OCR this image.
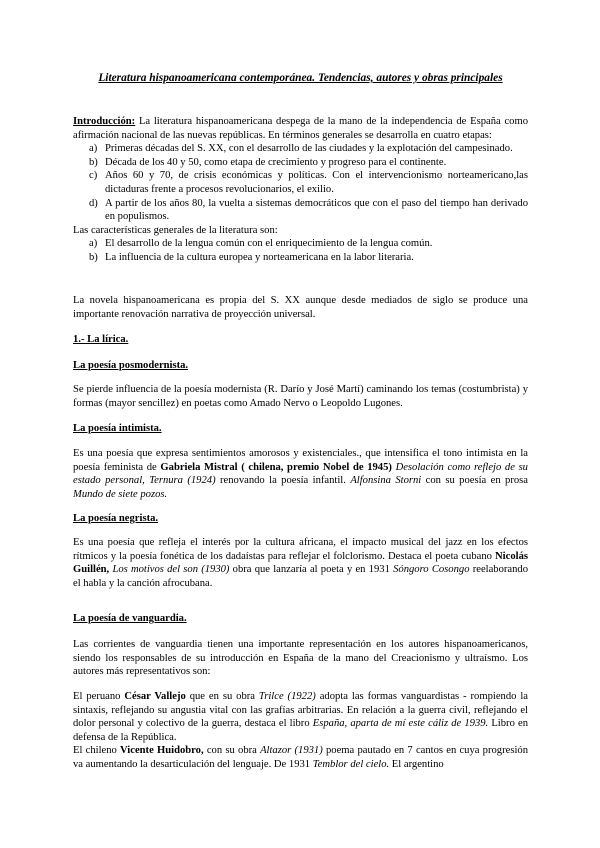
Literatura hispanoamericana contemporánea. Tendencias, autores y obras principales
Introducción: La literatura hispanoamericana despega de la mano de la independencia de España como afirmación nacional de las nuevas repúblicas. En términos generales se desarrolla en cuatro etapas:
a) Primeras décadas del S. XX, con el desarrollo de las ciudades y la explotación del campesinado.
b) Década de los 40 y 50, como etapa de crecimiento y progreso para el continente.
c) Años 60 y 70, de crisis económicas y políticas. Con el intervencionismo norteamericano,las dictaduras frente a procesos revolucionarios, el exilio.
d) A partir de los años 80, la vuelta a sistemas democráticos que con el paso del tiempo han derivado en populismos.
Las características generales de la literatura son:
a) El desarrollo de la lengua común con el enriquecimiento de la lengua común.
b) La influencia de la cultura europea y norteamericana en la labor literaria.
La novela hispanoamericana es propia del S. XX aunque desde mediados de siglo se produce una importante renovación narrativa de proyección universal.
1.- La lírica.
La poesía posmodernista.
Se pierde influencia de la poesía modernista (R. Darío y José Martí) caminando los temas (costumbrista) y formas (mayor sencillez) en poetas como Amado Nervo o Leopoldo Lugones.
La poesía intimista.
Es una poesía que expresa sentimientos amorosos y existenciales., que intensifica el tono intimista en la poesía feminista de Gabriela Mistral ( chilena, premio Nobel de 1945) Desolación como reflejo de su estado personal, Ternura (1924) renovando la poesía infantil. Alfonsina Storni con su poesía en prosa Mundo de siete pozos.
La poesía negrista.
Es una poesía que refleja el interés por la cultura africana, el impacto musical del jazz en los efectos rítmicos y la poesía fonética de los dadaístas para reflejar el folclorismo. Destaca el poeta cubano Nicolás Guillén, Los motivos del son (1930) obra que lanzaría al poeta y en 1931 Sóngoro Cosongo reelaborando el habla y la canción afrocubana.
La poesía de vanguardia.
Las corrientes de vanguardia tienen una importante representación en los autores hispanoamericanos, siendo los responsables de su introducción en España de la mano del Creacionismo y ultraísmo. Los autores más representativos son:
El peruano César Vallejo que en su obra Trilce (1922) adopta las formas vanguardistas - rompiendo la sintaxis, reflejando su angustia vital con las grafías arbitrarias. En relación a la guerra civil, reflejando el dolor personal y colectivo de la guerra, destaca el libro España, aparta de mí este cáliz de 1939. Libro en defensa de la República.
El chileno Vicente Huidobro, con su obra Altazor (1931) poema pautado en 7 cantos en cuya progresión va aumentando la desarticulación del lenguaje. De 1931 Temblor del cielo. El argentino
